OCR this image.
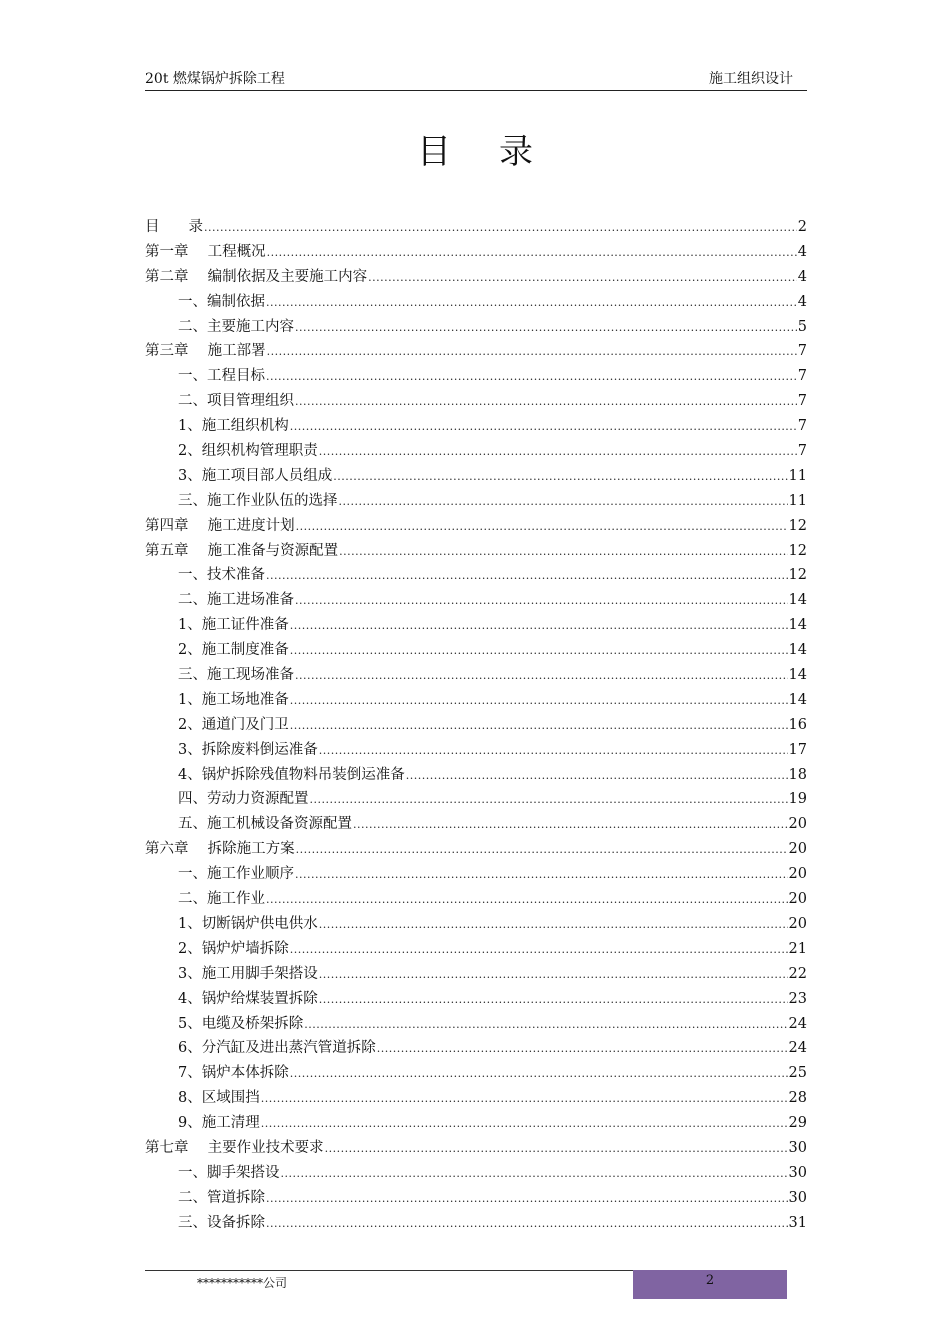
20t 燃煤锅炉拆除工程	施工组织设计
目录
目　　录 .....	2
第一章　 工程概况 .....	4
第二章　 编制依据及主要施工内容 .....	4
一、编制依据 .....	4
二、主要施工内容 .....	5
第三章　 施工部署 .....	7
一、工程目标 .....	7
二、项目管理组织 .....	7
1、施工组织机构 .....	7
2、组织机构管理职责 .....	7
3、施工项目部人员组成 .....	11
三、施工作业队伍的选择 .....	11
第四章　 施工进度计划 .....	12
第五章　 施工准备与资源配置 .....	12
一、技术准备 .....	12
二、施工进场准备 .....	14
1、施工证件准备 .....	14
2、施工制度准备 .....	14
三、施工现场准备 .....	14
1、施工场地准备 .....	14
2、通道门及门卫 .....	16
3、拆除废料倒运准备 .....	17
4、锅炉拆除残值物料吊装倒运准备 .....	18
四、劳动力资源配置 .....	19
五、施工机械设备资源配置 .....	20
第六章　 拆除施工方案 .....	20
一、施工作业顺序 .....	20
二、施工作业 .....	20
1、切断锅炉供电供水 .....	20
2、锅炉炉墙拆除 .....	21
3、施工用脚手架搭设 .....	22
4、锅炉给煤装置拆除 .....	23
5、电缆及桥架拆除 .....	24
6、分汽缸及进出蒸汽管道拆除 .....	24
7、锅炉本体拆除 .....	25
8、区域围挡 .....	28
9、施工清理 .....	29
第七章　 主要作业技术要求 .....	30
一、脚手架搭设 .....	30
二、管道拆除 .....	30
三、设备拆除 .....	31
***********公司	2
